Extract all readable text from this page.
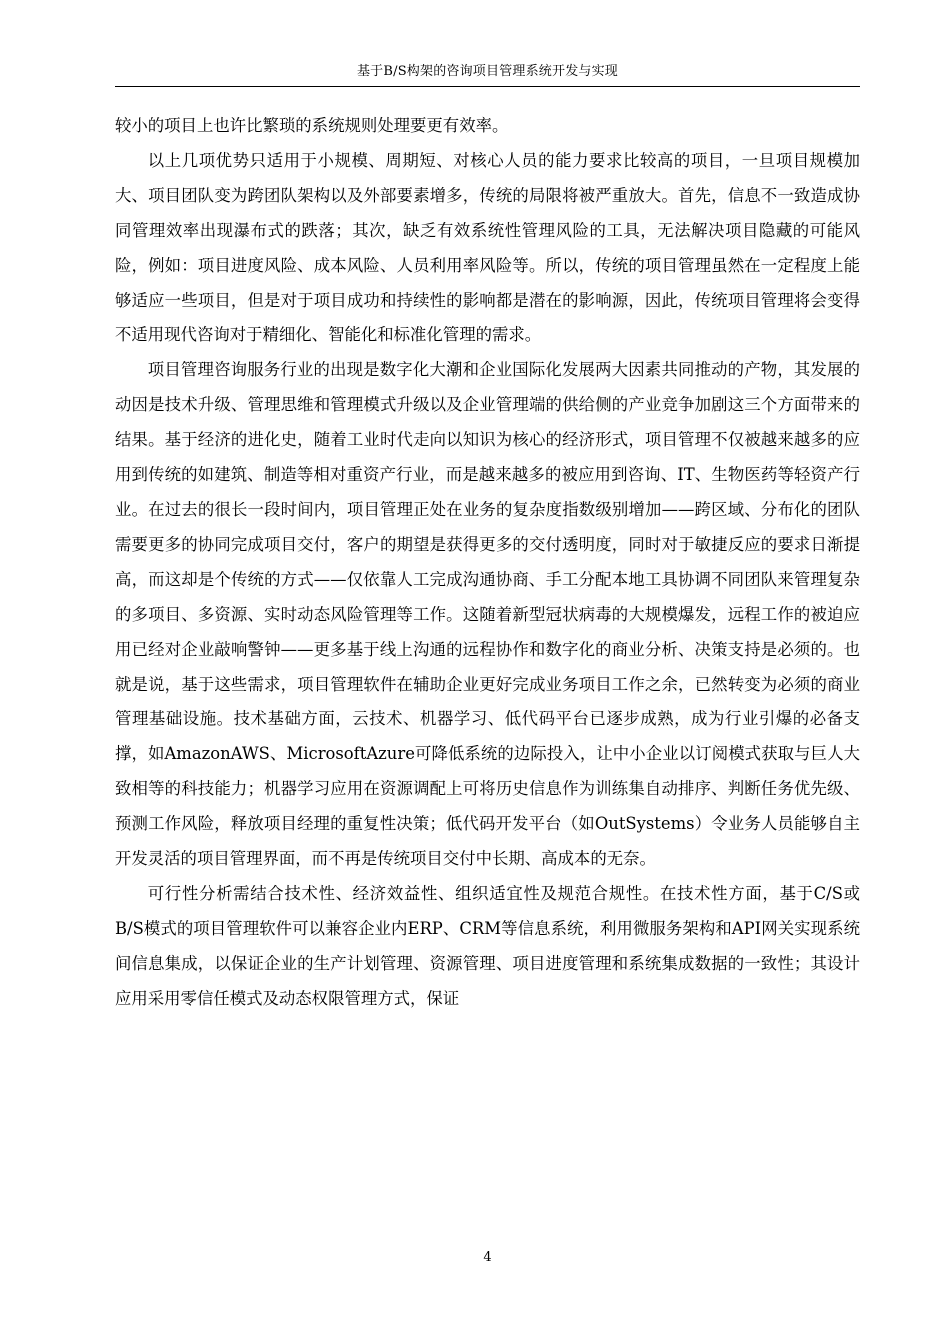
基于B/S构架的咨询项目管理系统开发与实现

较小的项目上也许比繁琐的系统规则处理要更有效率。

以上几项优势只适用于小规模、周期短、对核心人员的能力要求比较高的项目，一旦项目规模加大、项目团队变为跨团队架构以及外部要素增多，传统的局限将被严重放大。首先，信息不一致造成协同管理效率出现瀑布式的跌落；其次，缺乏有效系统性管理风险的工具，无法解决项目隐藏的可能风险，例如：项目进度风险、成本风险、人员利用率风险等。所以，传统的项目管理虽然在一定程度上能够适应一些项目，但是对于项目成功和持续性的影响都是潜在的影响源，因此，传统项目管理将会变得不适用现代咨询对于精细化、智能化和标准化管理的需求。

项目管理咨询服务行业的出现是数字化大潮和企业国际化发展两大因素共同推动的产物，其发展的动因是技术升级、管理思维和管理模式升级以及企业管理端的供给侧的产业竞争加剧这三个方面带来的结果。基于经济的进化史，随着工业时代走向以知识为核心的经济形式，项目管理不仅被越来越多的应用到传统的如建筑、制造等相对重资产行业，而是越来越多的被应用到咨询、IT、生物医药等轻资产行业。在过去的很长一段时间内，项目管理正处在业务的复杂度指数级别增加——跨区域、分布化的团队需要更多的协同完成项目交付，客户的期望是获得更多的交付透明度，同时对于敏捷反应的要求日渐提高，而这却是个传统的方式——仅依靠人工完成沟通协商、手工分配本地工具协调不同团队来管理复杂的多项目、多资源、实时动态风险管理等工作。这随着新型冠状病毒的大规模爆发，远程工作的被迫应用已经对企业敲响警钟——更多基于线上沟通的远程协作和数字化的商业分析、决策支持是必须的。也就是说，基于这些需求，项目管理软件在辅助企业更好完成业务项目工作之余，已然转变为必须的商业管理基础设施。技术基础方面，云技术、机器学习、低代码平台已逐步成熟，成为行业引爆的必备支撑，如AmazonAWS、MicrosoftAzure可降低系统的边际投入，让中小企业以订阅模式获取与巨人大致相等的科技能力；机器学习应用在资源调配上可将历史信息作为训练集自动排序、判断任务优先级、预测工作风险，释放项目经理的重复性决策；低代码开发平台（如OutSystems）令业务人员能够自主开发灵活的项目管理界面，而不再是传统项目交付中长期、高成本的无奈。

可行性分析需结合技术性、经济效益性、组织适宜性及规范合规性。在技术性方面，基于C/S或B/S模式的项目管理软件可以兼容企业内ERP、CRM等信息系统，利用微服务架构和API网关实现系统间信息集成，以保证企业的生产计划管理、资源管理、项目进度管理和系统集成数据的一致性；其设计应用采用零信任模式及动态权限管理方式，保证

4
